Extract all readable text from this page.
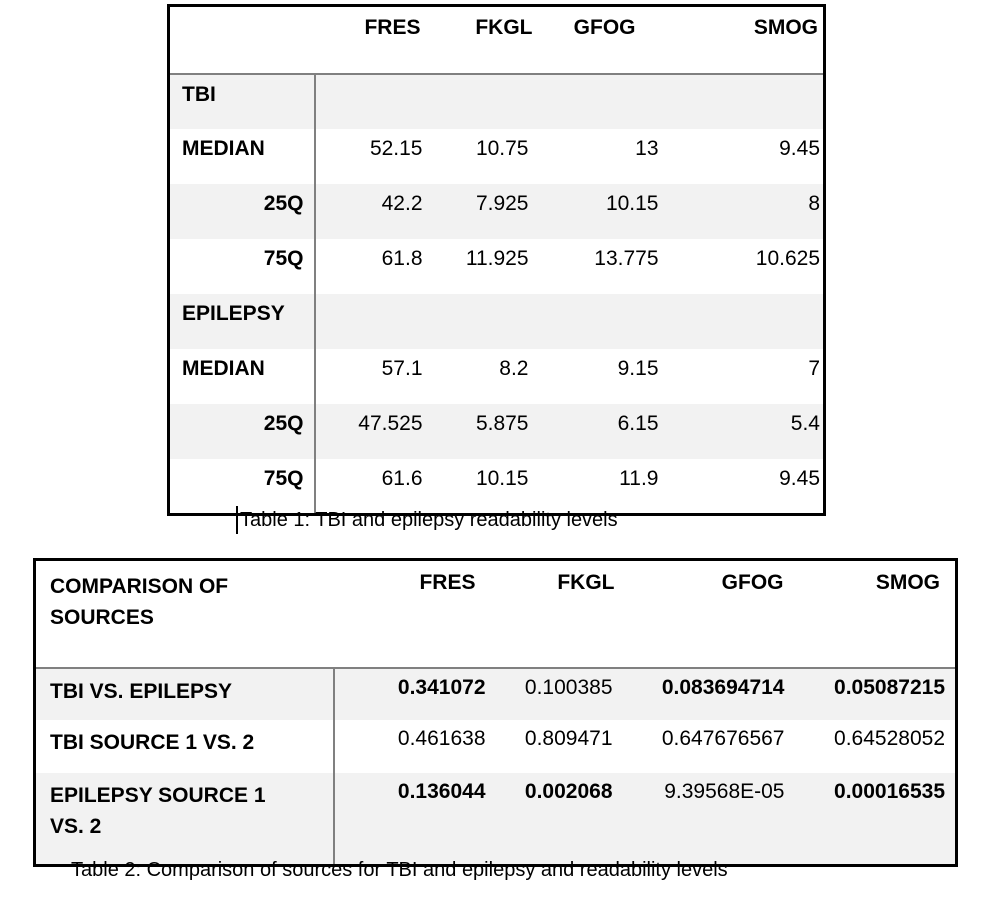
	FRES	FKGL	GFOG	SMOG
TBI				
MEDIAN	52.15	10.75	13	9.45
25Q	42.2	7.925	10.15	8
75Q	61.8	11.925	13.775	10.625
EPILEPSY				
MEDIAN	57.1	8.2	9.15	7
25Q	47.525	5.875	6.15	5.4
75Q	61.6	10.15	11.9	9.45
Table 1: TBI and epilepsy readability levels
COMPARISON OF SOURCES	FRES	FKGL	GFOG	SMOG
TBI VS. EPILEPSY	0.341072	0.100385	0.083694714	0.05087215
TBI SOURCE 1 VS. 2	0.461638	0.809471	0.647676567	0.64528052
EPILEPSY SOURCE 1 VS. 2	0.136044	0.002068	9.39568E-05	0.00016535
Table 2: Comparison of sources for TBI and epilepsy and readability levels
